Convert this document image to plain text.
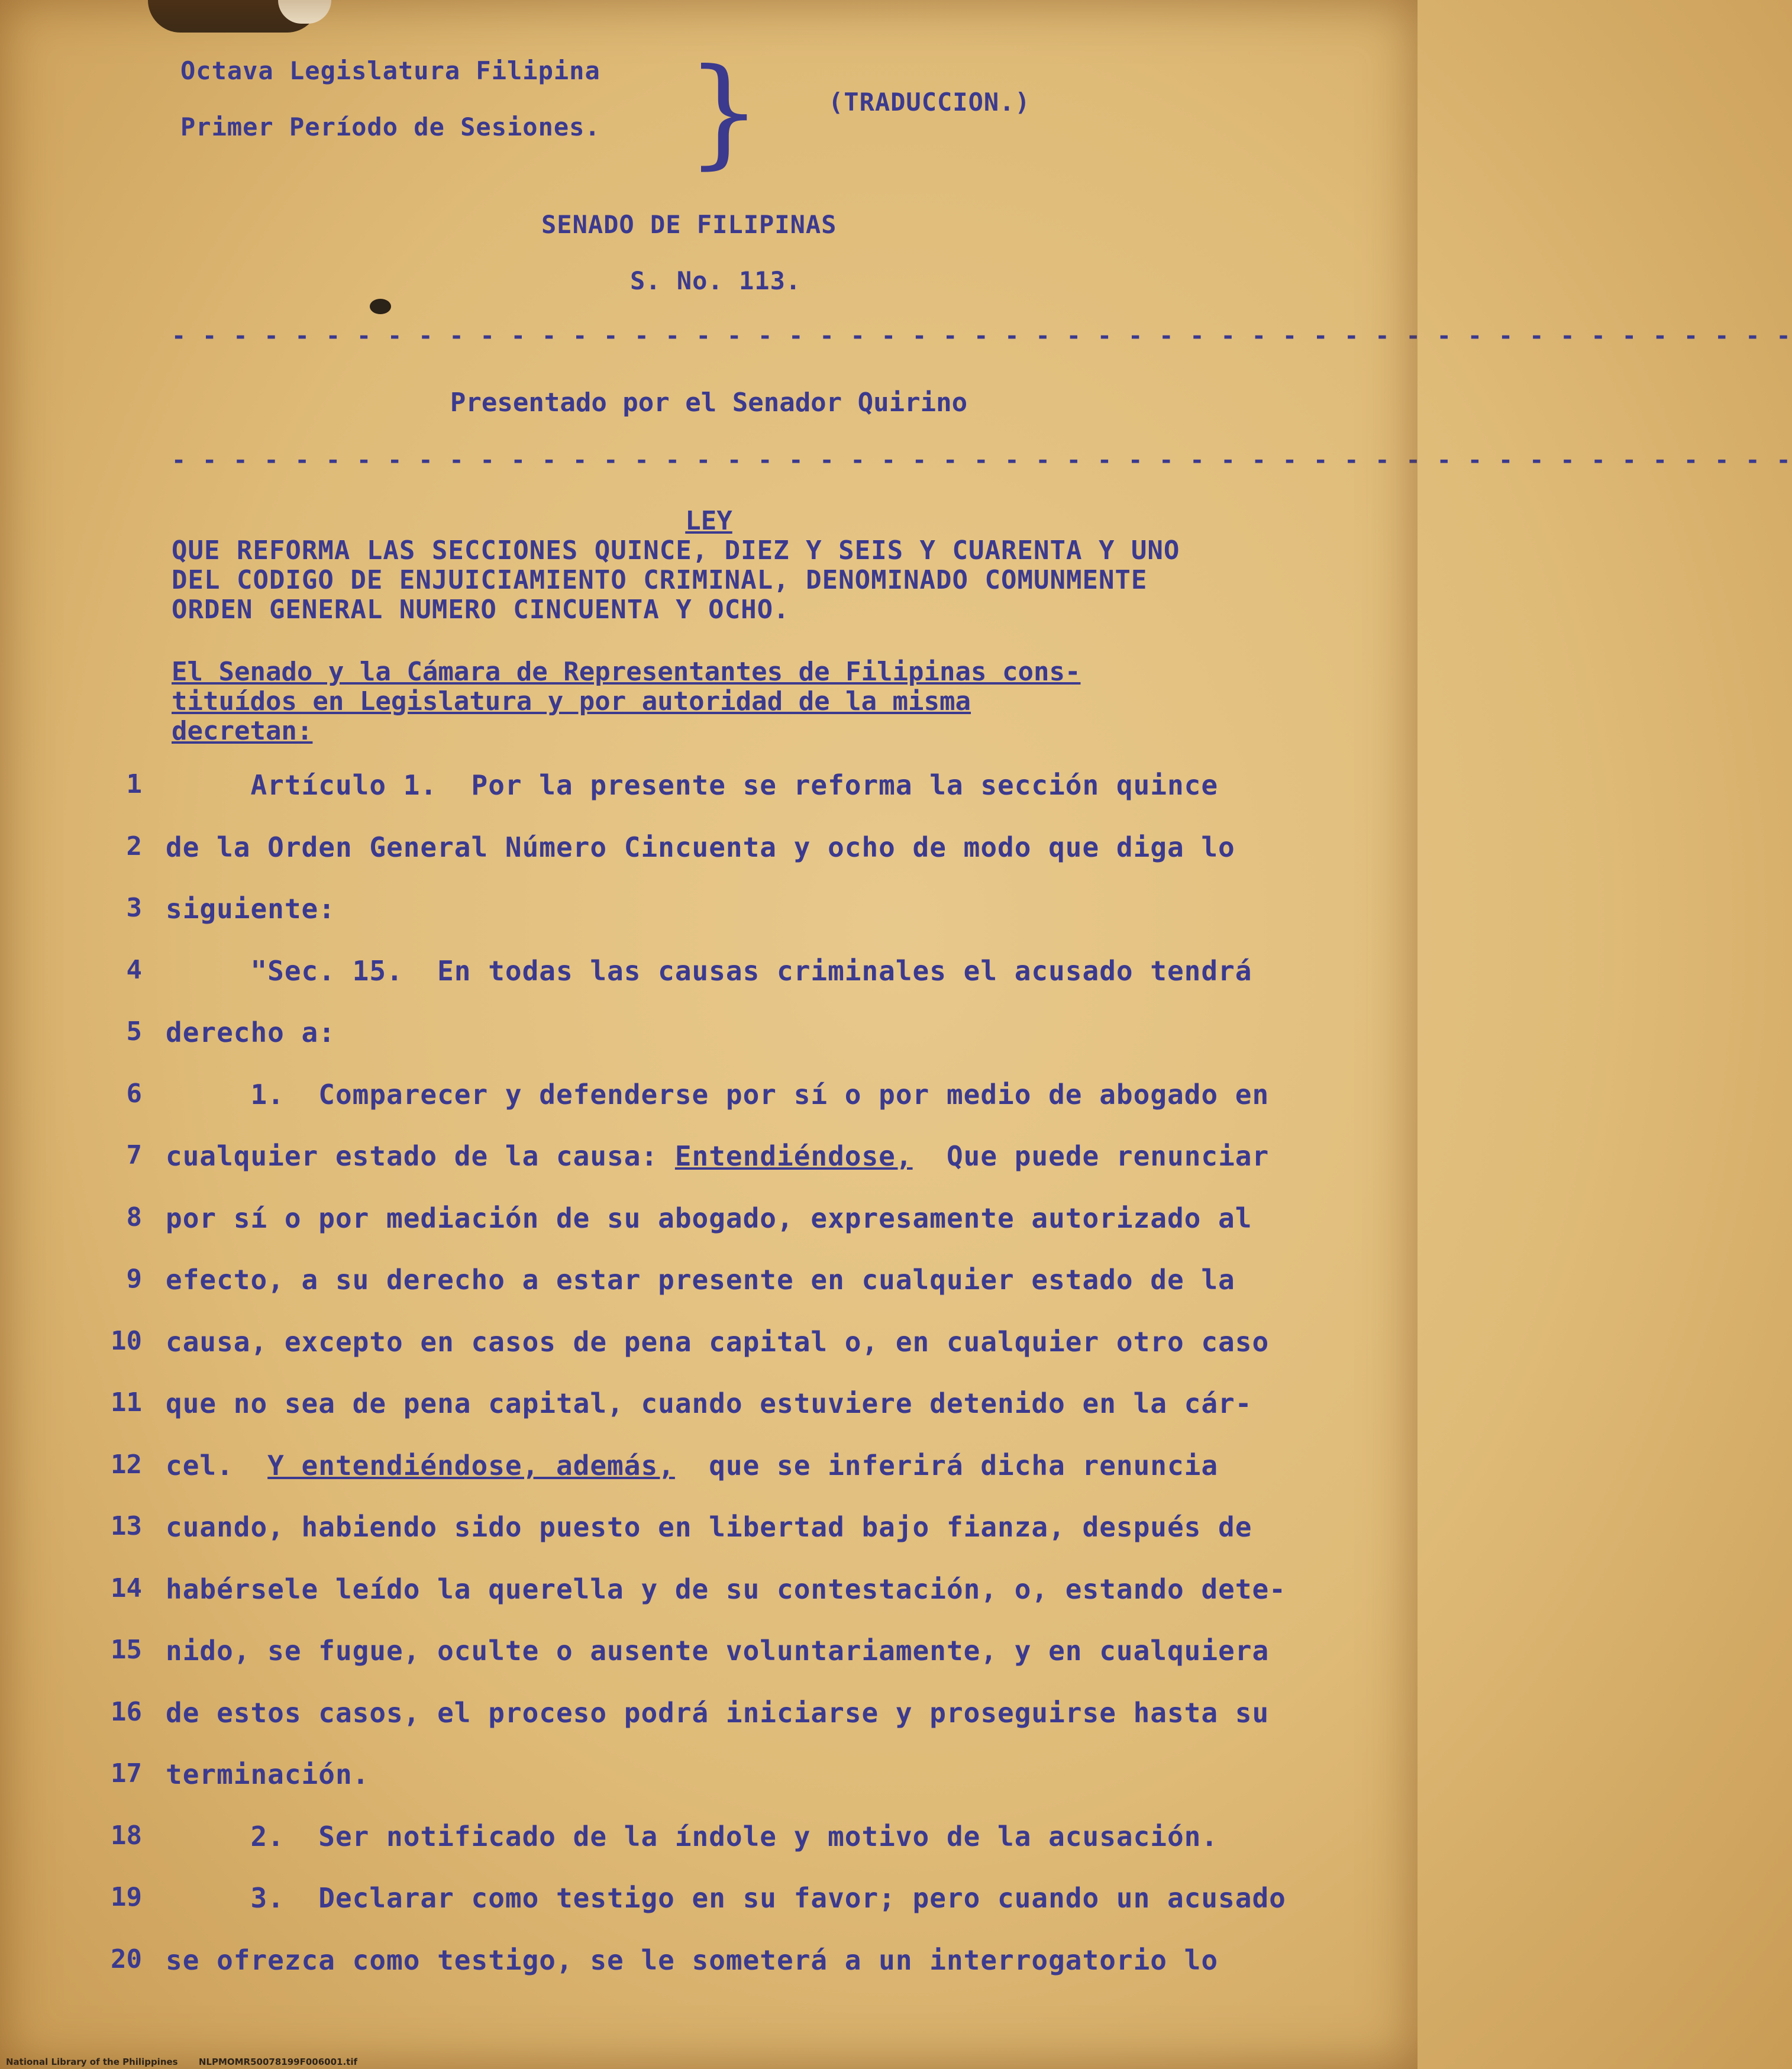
Octava Legislatura Filipina
Primer Período de Sesiones. }	(TRADUCCION.)
SENADO DE FILIPINAS
S. No. 113.
- - - - - - - - - - - - - - - - - - - - - - - - - - - - - - - - - - - - - - - - - - - - - - - - - - - - -
Presentado por el Senador Quirino
- - - - - - - - - - - - - - - - - - - - - - - - - - - - - - - - - - - - - - - - - - - - - - - - - - - - -
LEY
QUE REFORMA LAS SECCIONES QUINCE, DIEZ Y SEIS Y CUARENTA Y UNO
DEL CODIGO DE ENJUICIAMIENTO CRIMINAL, DENOMINADO COMUNMENTE
ORDEN GENERAL NUMERO CINCUENTA Y OCHO.
El Senado y la Cámara de Representantes de Filipinas cons-
tituídos en Legislatura y por autoridad de la misma
decretan:
1 Artículo 1.  Por la presente se reforma la sección quince
2 de la Orden General Número Cincuenta y ocho de modo que diga lo
3 siguiente:
4 "Sec. 15.  En todas las causas criminales el acusado tendrá
5 derecho a:
6 1.  Comparecer y defenderse por sí o por medio de abogado en
7 cualquier estado de la causa: Entendiéndose,  Que puede renunciar
8 por sí o por mediación de su abogado, expresamente autorizado al
9 efecto, a su derecho a estar presente en cualquier estado de la
10 causa, excepto en casos de pena capital o, en cualquier otro caso
11 que no sea de pena capital, cuando estuviere detenido en la cár-
12 cel.  Y entendiéndose, además,  que se inferirá dicha renuncia
13 cuando, habiendo sido puesto en libertad bajo fianza, después de
14 habérsele leído la querella y de su contestación, o, estando dete-
15 nido, se fugue, oculte o ausente voluntariamente, y en cualquiera
16 de estos casos, el proceso podrá iniciarse y proseguirse hasta su
17 terminación.
18 2.  Ser notificado de la índole y motivo de la acusación.
19 3.  Declarar como testigo en su favor; pero cuando un acusado
20 se ofrezca como testigo, se le someterá a un interrogatorio lo
National Library of the Philippines NLPMOMR50078199F006001.tif
